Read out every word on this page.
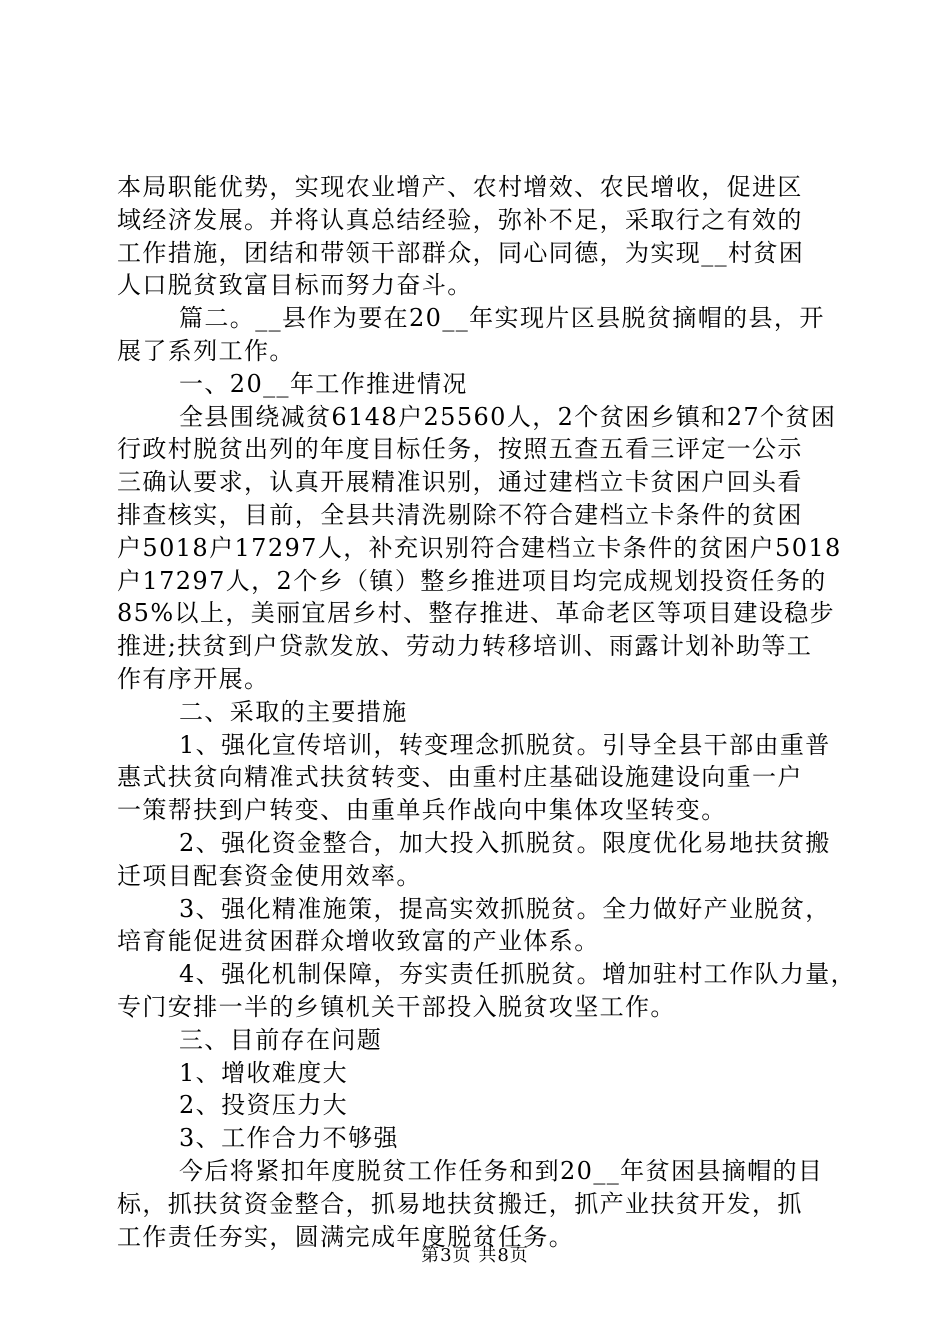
本局职能优势，实现农业增产、农村增效、农民增收，促进区
域经济发展。并将认真总结经验，弥补不足，采取行之有效的
工作措施，团结和带领干部群众，同心同德，为实现__村贫困
人口脱贫致富目标而努力奋斗。
篇二。__县作为要在20__年实现片区县脱贫摘帽的县，开
展了系列工作。
一、20__年工作推进情况
全县围绕减贫6148户25560人，2个贫困乡镇和27个贫困
行政村脱贫出列的年度目标任务，按照五查五看三评定一公示
三确认要求，认真开展精准识别，通过建档立卡贫困户回头看
排查核实，目前，全县共清洗剔除不符合建档立卡条件的贫困
户5018户17297人，补充识别符合建档立卡条件的贫困户5018
户17297人，2个乡（镇）整乡推进项目均完成规划投资任务的
85%以上，美丽宜居乡村、整存推进、革命老区等项目建设稳步
推进;扶贫到户贷款发放、劳动力转移培训、雨露计划补助等工
作有序开展。
二、采取的主要措施
1、强化宣传培训，转变理念抓脱贫。引导全县干部由重普
惠式扶贫向精准式扶贫转变、由重村庄基础设施建设向重一户
一策帮扶到户转变、由重单兵作战向中集体攻坚转变。
2、强化资金整合，加大投入抓脱贫。限度优化易地扶贫搬
迁项目配套资金使用效率。
3、强化精准施策，提高实效抓脱贫。全力做好产业脱贫，
培育能促进贫困群众增收致富的产业体系。
4、强化机制保障，夯实责任抓脱贫。增加驻村工作队力量，
专门安排一半的乡镇机关干部投入脱贫攻坚工作。
三、目前存在问题
1、增收难度大
2、投资压力大
3、工作合力不够强
今后将紧扣年度脱贫工作任务和到20__年贫困县摘帽的目
标，抓扶贫资金整合，抓易地扶贫搬迁，抓产业扶贫开发，抓
工作责任夯实，圆满完成年度脱贫任务。
第3页 共8页
